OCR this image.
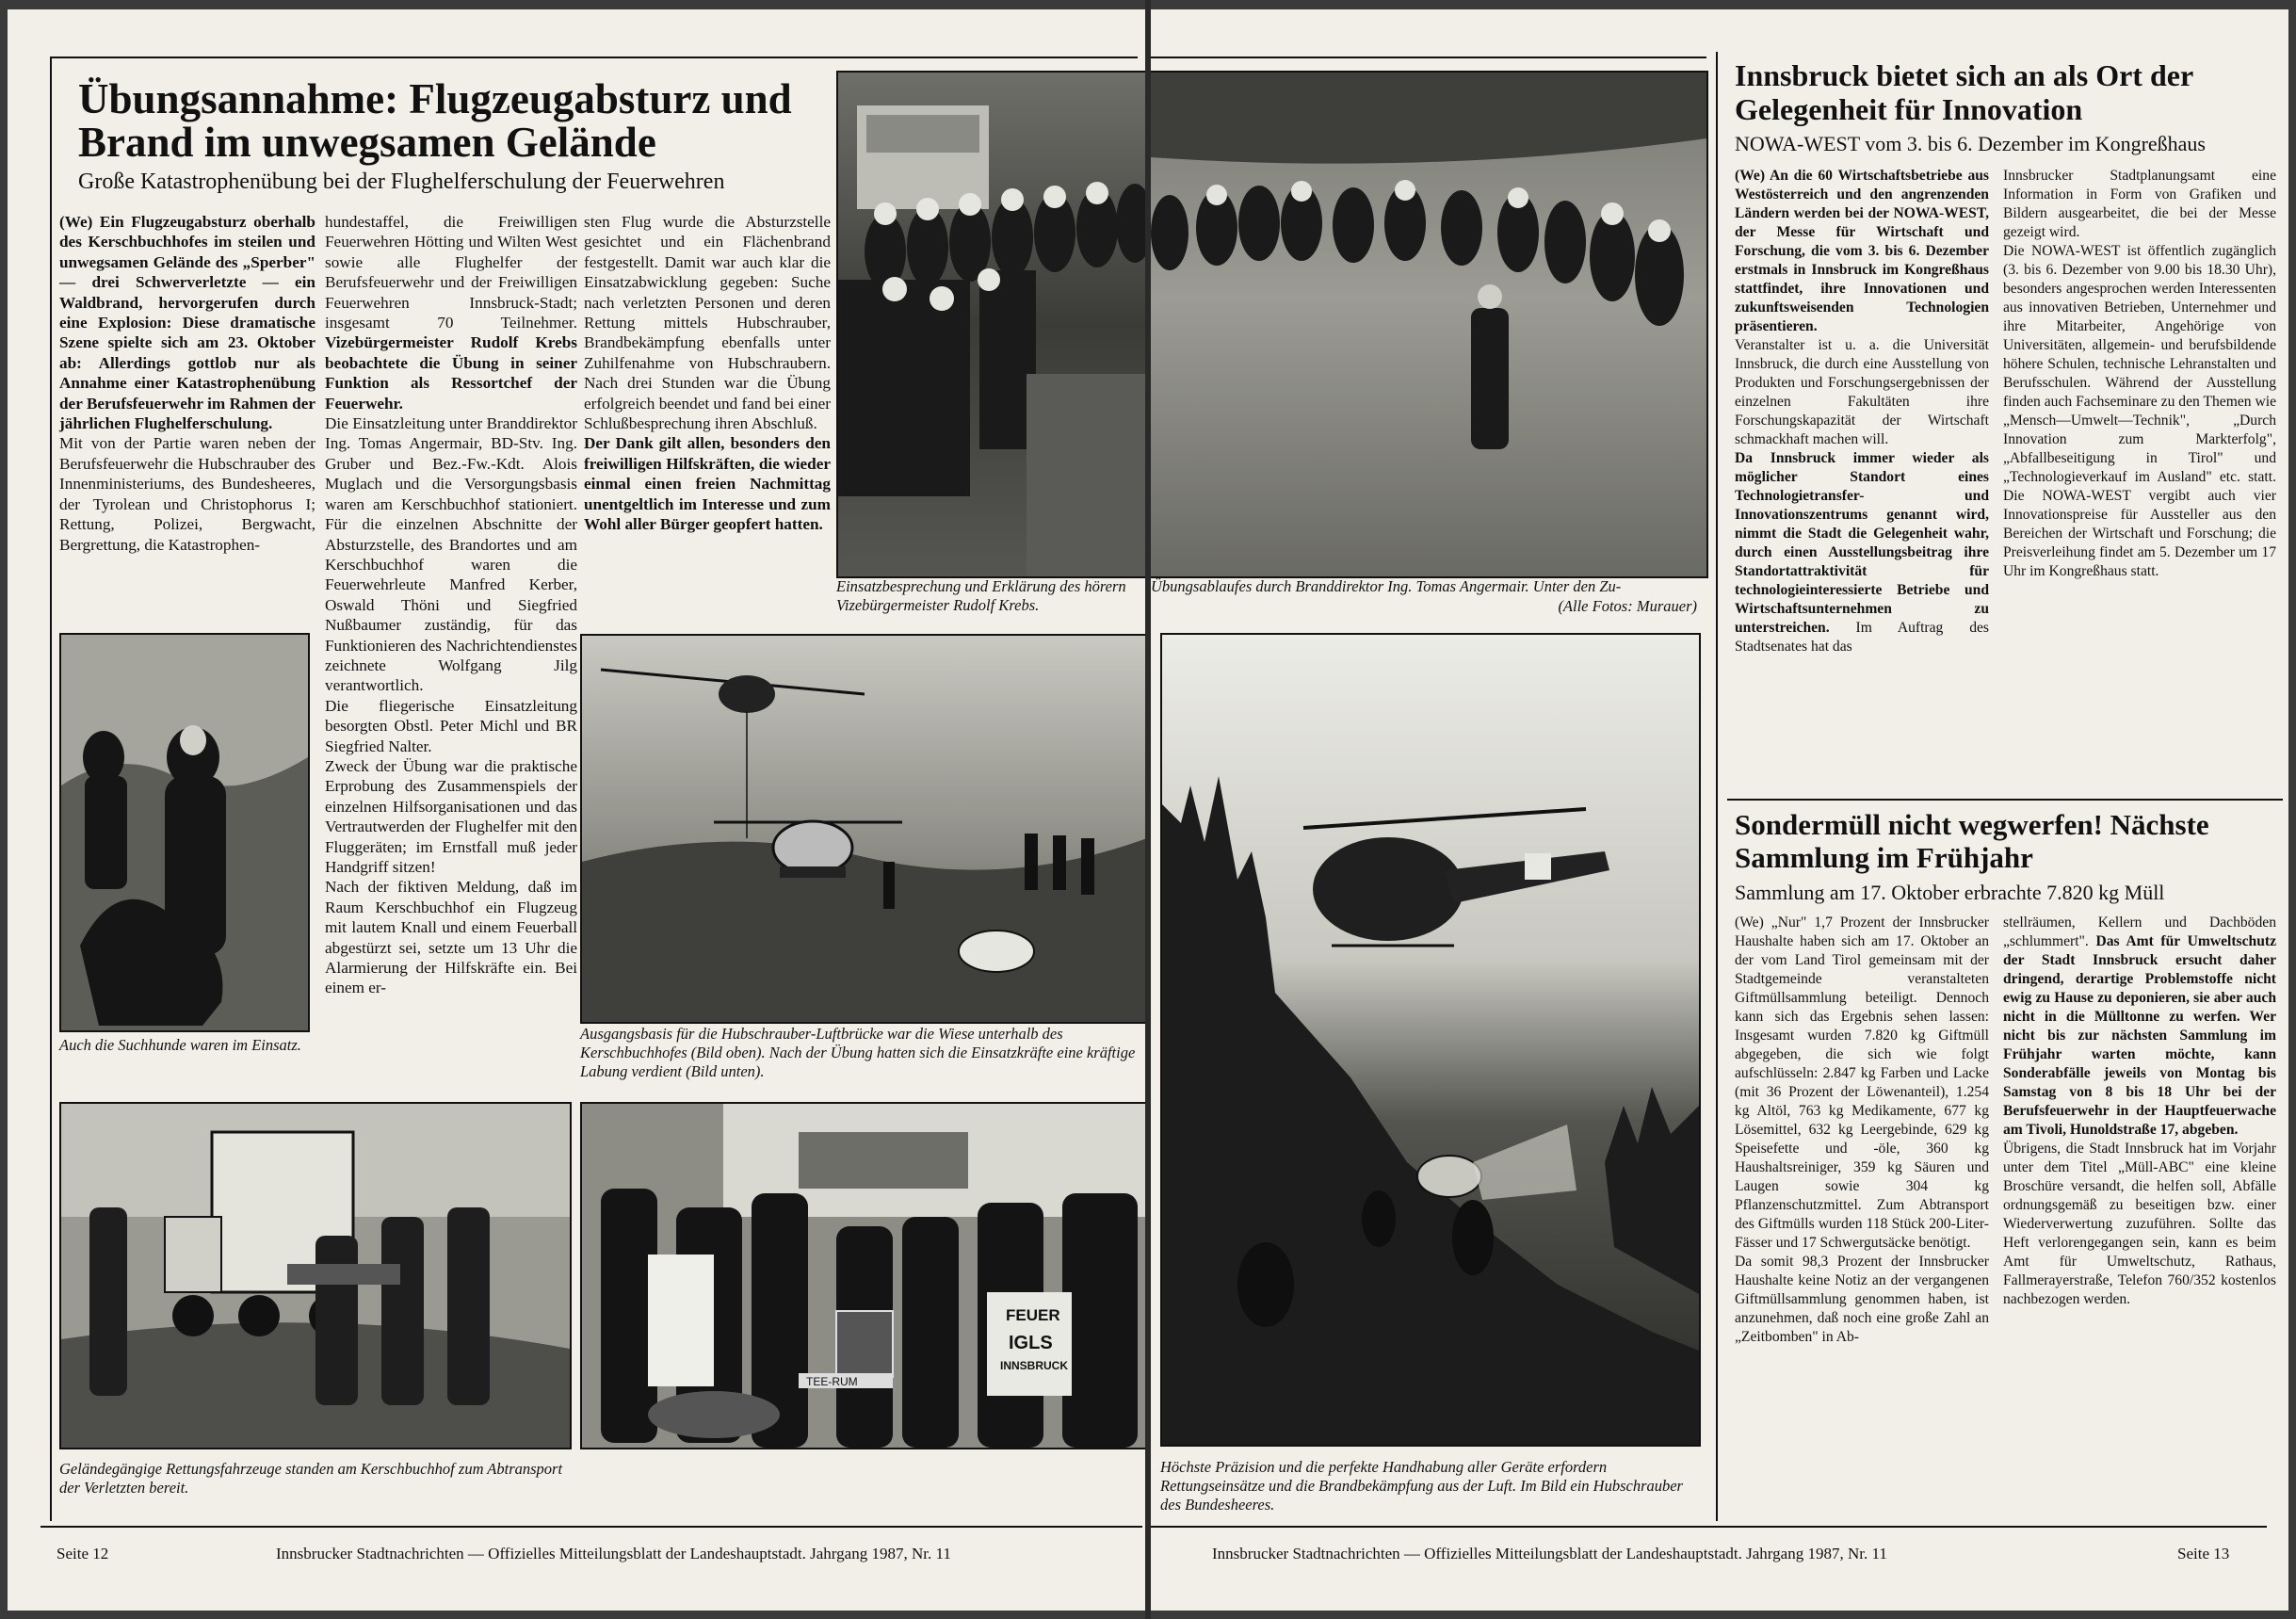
Übungsannahme: Flugzeugabsturz und Brand im unwegsamen Gelände
Große Katastrophenübung bei der Flughelferschulung der Feuerwehren

(We) Ein Flugzeugabsturz oberhalb des Kerschbuchhofes im steilen und unwegsamen Gelände des „Sperber" — drei Schwerverletzte — ein Waldbrand, hervorgerufen durch eine Explosion: Diese dramatische Szene spielte sich am 23. Oktober ab: Allerdings gottlob nur als Annahme einer Katastrophenübung der Berufsfeuerwehr im Rahmen der jährlichen Flughelferschulung.

Mit von der Partie waren neben der Berufsfeuerwehr die Hubschrauber des Innenministeriums, des Bundesheeres, der Tyrolean und Christophorus I; Rettung, Polizei, Bergwacht, Bergrettung, die Katastrophen-

hundestaffel, die Freiwilligen Feuerwehren Hötting und Wilten West sowie alle Flughelfer der Berufsfeuerwehr und der Freiwilligen Feuerwehren Innsbruck-Stadt; insgesamt 70 Teilnehmer. Vizebürgermeister Rudolf Krebs beobachtete die Übung in seiner Funktion als Ressortchef der Feuerwehr.

Die Einsatzleitung unter Branddirektor Ing. Tomas Angermair, BD-Stv. Ing. Gruber und Bez.-Fw.-Kdt. Alois Muglach und die Versorgungsbasis waren am Kerschbuchhof stationiert. Für die einzelnen Abschnitte der Absturzstelle, des Brandortes und am Kerschbuchhof waren die Feuerwehrleute Manfred Kerber, Oswald Thöni und Siegfried Nußbaumer zuständig, für das Funktionieren des Nachrichtendienstes zeichnete Wolfgang Jilg verantwortlich.

Die fliegerische Einsatzleitung besorgten Obstl. Peter Michl und BR Siegfried Nalter.

Zweck der Übung war die praktische Erprobung des Zusammenspiels der einzelnen Hilfsorganisationen und das Vertrautwerden der Flughelfer mit den Fluggeräten; im Ernstfall muß jeder Handgriff sitzen!

Nach der fiktiven Meldung, daß im Raum Kerschbuchhof ein Flugzeug mit lautem Knall und einem Feuerball abgestürzt sei, setzte um 13 Uhr die Alarmierung der Hilfskräfte ein. Bei einem er-

sten Flug wurde die Absturzstelle gesichtet und ein Flächenbrand festgestellt. Damit war auch klar die Einsatzabwicklung gegeben: Suche nach verletzten Personen und deren Rettung mittels Hubschrauber, Brandbekämpfung ebenfalls unter Zuhilfenahme von Hubschraubern. Nach drei Stunden war die Übung erfolgreich beendet und fand bei einer Schlußbesprechung ihren Abschluß.

Der Dank gilt allen, besonders den freiwilligen Hilfskräften, die wieder einmal einen freien Nachmittag unentgeltlich im Interesse und zum Wohl aller Bürger geopfert hatten.

Einsatzbesprechung und Erklärung des hörern Vizebürgermeister Rudolf Krebs.
Auch die Suchhunde waren im Einsatz.
Ausgangsbasis für die Hubschrauber-Luftbrücke war die Wiese unterhalb des Kerschbuchhofes (Bild oben). Nach der Übung hatten sich die Einsatzkräfte eine kräftige Labung verdient (Bild unten).
Geländegängige Rettungsfahrzeuge standen am Kerschbuchhof zum Abtransport der Verletzten bereit.
TEE-RUM
FEUER
IGLS
INNSBRUCK
Seite 12	Innsbrucker Stadtnachrichten — Offizielles Mitteilungsblatt der Landeshauptstadt. Jahrgang 1987, Nr. 11
Übungsablaufes durch Branddirektor Ing. Tomas Angermair. Unter den Zu-
(Alle Fotos: Murauer)
Höchste Präzision und die perfekte Handhabung aller Geräte erfordern Rettungseinsätze und die Brandbekämpfung aus der Luft. Im Bild ein Hubschrauber des Bundesheeres.
Innsbruck bietet sich an als Ort der Gelegenheit für Innovation
NOWA-WEST vom 3. bis 6. Dezember im Kongreßhaus

(We) An die 60 Wirtschaftsbetriebe aus Westösterreich und den angrenzenden Ländern werden bei der NOWA-WEST, der Messe für Wirtschaft und Forschung, die vom 3. bis 6. Dezember erstmals in Innsbruck im Kongreßhaus stattfindet, ihre Innovationen und zukunftsweisenden Technologien präsentieren.

Veranstalter ist u. a. die Universität Innsbruck, die durch eine Ausstellung von Produkten und Forschungsergebnissen der einzelnen Fakultäten ihre Forschungskapazität der Wirtschaft schmackhaft machen will.

Da Innsbruck immer wieder als möglicher Standort eines Technologietransfer- und Innovationszentrums genannt wird, nimmt die Stadt die Gelegenheit wahr, durch einen Ausstellungsbeitrag ihre Standortattraktivität für technologieinteressierte Betriebe und Wirtschaftsunternehmen zu unterstreichen. Im Auftrag des Stadtsenates hat das

Innsbrucker Stadtplanungsamt eine Information in Form von Grafiken und Bildern ausgearbeitet, die bei der Messe gezeigt wird.

Die NOWA-WEST ist öffentlich zugänglich (3. bis 6. Dezember von 9.00 bis 18.30 Uhr), besonders angesprochen werden Interessenten aus innovativen Betrieben, Unternehmer und ihre Mitarbeiter, Angehörige von Universitäten, allgemein- und berufsbildende höhere Schulen, technische Lehranstalten und Berufsschulen. Während der Ausstellung finden auch Fachseminare zu den Themen wie „Mensch—Umwelt—Technik", „Durch Innovation zum Markterfolg", „Abfallbeseitigung in Tirol" und „Technologieverkauf im Ausland" etc. statt. Die NOWA-WEST vergibt auch vier Innovationspreise für Aussteller aus den Bereichen der Wirtschaft und Forschung; die Preisverleihung findet am 5. Dezember um 17 Uhr im Kongreßhaus statt.

Sondermüll nicht wegwerfen! Nächste Sammlung im Frühjahr
Sammlung am 17. Oktober erbrachte 7.820 kg Müll

(We) „Nur" 1,7 Prozent der Innsbrucker Haushalte haben sich am 17. Oktober an der vom Land Tirol gemeinsam mit der Stadtgemeinde veranstalteten Giftmüllsammlung beteiligt. Dennoch kann sich das Ergebnis sehen lassen: Insgesamt wurden 7.820 kg Giftmüll abgegeben, die sich wie folgt aufschlüsseln: 2.847 kg Farben und Lacke (mit 36 Prozent der Löwenanteil), 1.254 kg Altöl, 763 kg Medikamente, 677 kg Lösemittel, 632 kg Leergebinde, 629 kg Speisefette und -öle, 360 kg Haushaltsreiniger, 359 kg Säuren und Laugen sowie 304 kg Pflanzenschutzmittel. Zum Abtransport des Giftmülls wurden 118 Stück 200-Liter-Fässer und 17 Schwergutsäcke benötigt.

Da somit 98,3 Prozent der Innsbrucker Haushalte keine Notiz an der vergangenen Giftmüllsammlung genommen haben, ist anzunehmen, daß noch eine große Zahl an „Zeitbomben" in Ab-

stellräumen, Kellern und Dachböden „schlummert". Das Amt für Umweltschutz der Stadt Innsbruck ersucht daher dringend, derartige Problemstoffe nicht ewig zu Hause zu deponieren, sie aber auch nicht in die Mülltonne zu werfen. Wer nicht bis zur nächsten Sammlung im Frühjahr warten möchte, kann Sonderabfälle jeweils von Montag bis Samstag von 8 bis 18 Uhr bei der Berufsfeuerwehr in der Hauptfeuerwache am Tivoli, Hunoldstraße 17, abgeben.

Übrigens, die Stadt Innsbruck hat im Vorjahr unter dem Titel „Müll-ABC" eine kleine Broschüre versandt, die helfen soll, Abfälle ordnungsgemäß zu beseitigen bzw. einer Wiederverwertung zuzuführen. Sollte das Heft verlorengegangen sein, kann es beim Amt für Umweltschutz, Rathaus, Fallmerayerstraße, Telefon 760/352 kostenlos nachbezogen werden.

Innsbrucker Stadtnachrichten — Offizielles Mitteilungsblatt der Landeshauptstadt. Jahrgang 1987, Nr. 11	Seite 13
